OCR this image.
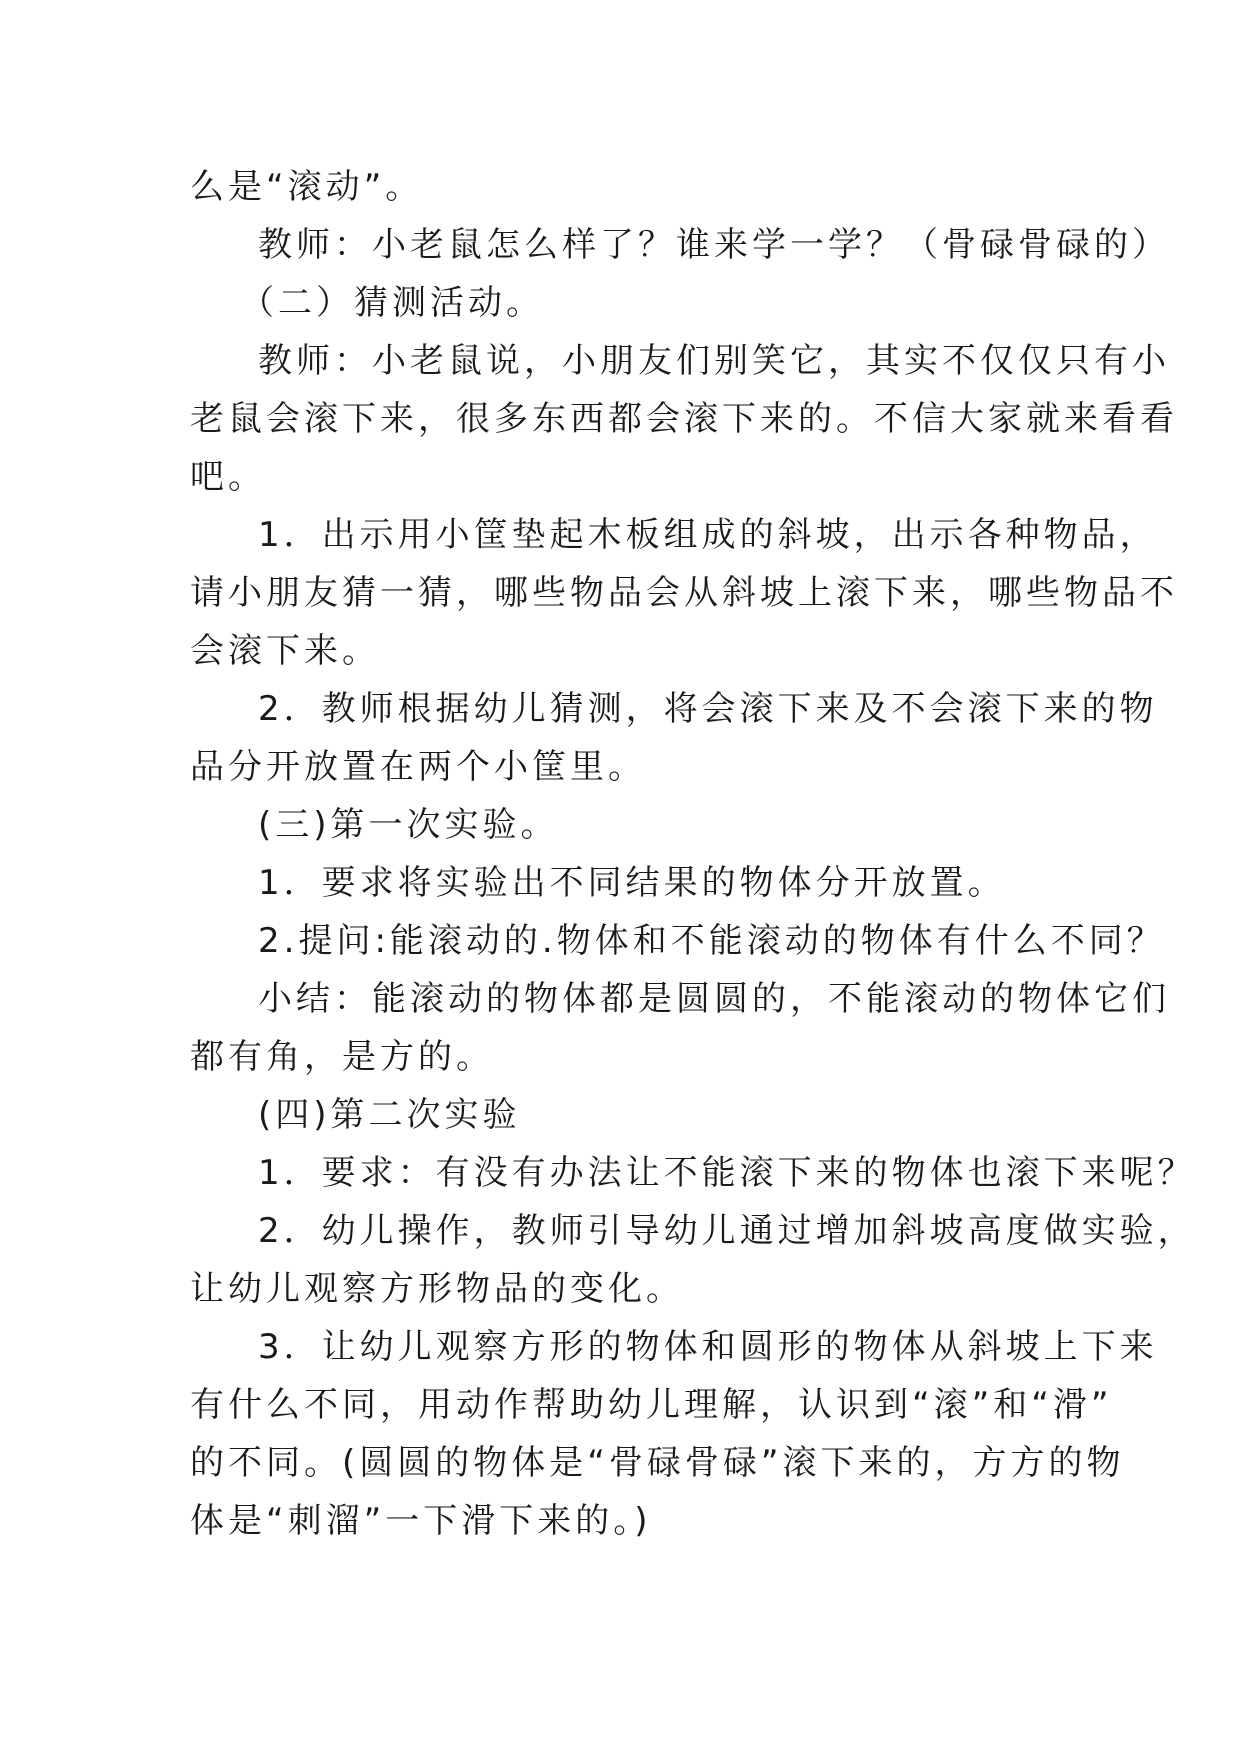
么是“滚动”。
教师：小老鼠怎么样了？谁来学一学？（骨碌骨碌的）
（二）猜测活动。
教师：小老鼠说，小朋友们别笑它，其实不仅仅只有小
老鼠会滚下来，很多东西都会滚下来的。不信大家就来看看
吧。
1．出示用小筐垫起木板组成的斜坡，出示各种物品，
请小朋友猜一猜，哪些物品会从斜坡上滚下来，哪些物品不
会滚下来。
2．教师根据幼儿猜测，将会滚下来及不会滚下来的物
品分开放置在两个小筐里。
(三)第一次实验。
1．要求将实验出不同结果的物体分开放置。
2.提问:能滚动的.物体和不能滚动的物体有什么不同？
小结：能滚动的物体都是圆圆的，不能滚动的物体它们
都有角，是方的。
(四)第二次实验
1．要求：有没有办法让不能滚下来的物体也滚下来呢？
2．幼儿操作，教师引导幼儿通过增加斜坡高度做实验，
让幼儿观察方形物品的变化。
3．让幼儿观察方形的物体和圆形的物体从斜坡上下来
有什么不同，用动作帮助幼儿理解，认识到“滚”和“滑”
的不同。(圆圆的物体是“骨碌骨碌”滚下来的，方方的物
体是“刺溜”一下滑下来的。)
